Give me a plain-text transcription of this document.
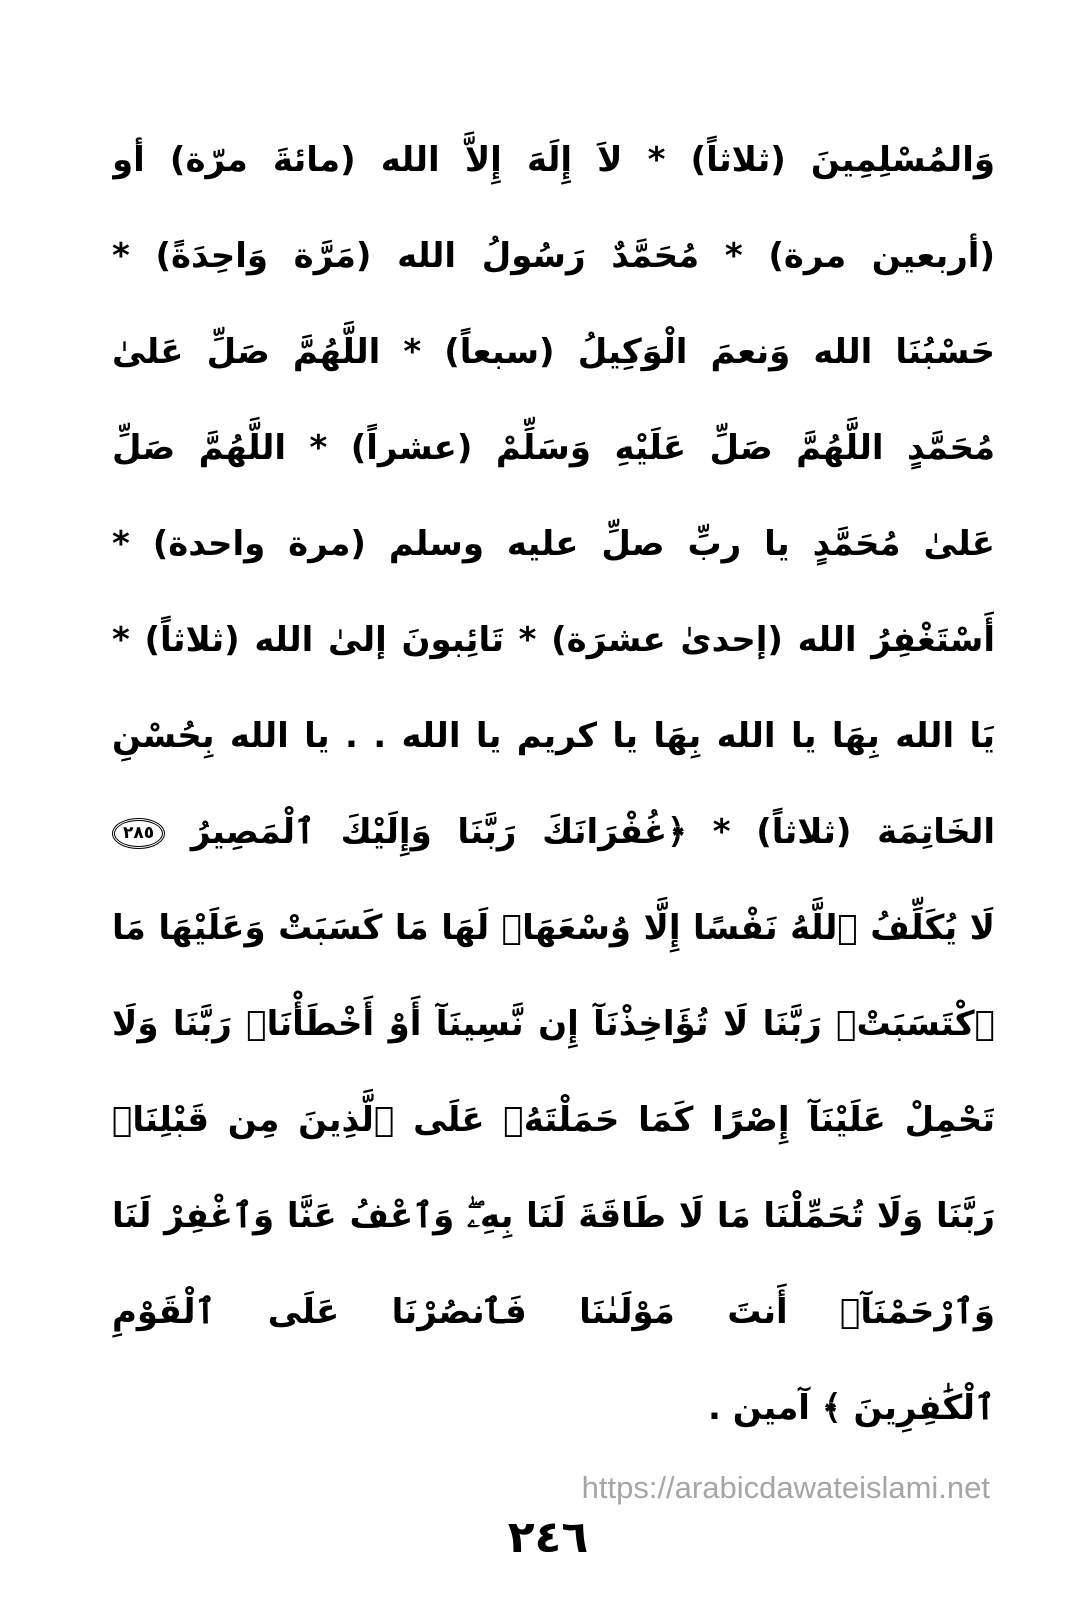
وَالمُسْلِمِينَ (ثلاثاً) * لاَ إِلَهَ إِلاَّ الله (مائةَ مرّة) أو
(أربعين مرة) * مُحَمَّدٌ رَسُولُ الله (مَرَّة وَاحِدَةً) *
حَسْبُنَا الله وَنعمَ الْوَكِيلُ (سبعاً) * اللَّهُمَّ صَلِّ عَلىٰ
مُحَمَّدٍ اللَّهُمَّ صَلِّ عَلَيْهِ وَسَلِّمْ (عشراً) * اللَّهُمَّ صَلِّ
عَلىٰ مُحَمَّدٍ يا ربِّ صلِّ عليه وسلم (مرة واحدة) *
أَسْتَغْفِرُ الله (إحدىٰ عشرَة) * تَائِبونَ إلىٰ الله (ثلاثاً) *
يَا الله بِهَا يا الله بِهَا يا كريم يا الله . . يا الله بِحُسْنِ
الخَاتِمَة (ثلاثاً) * ﴿غُفْرَانَكَ رَبَّنَا وَإِلَيْكَ ٱلْمَصِيرُ ٢٨٥
لَا يُكَلِّفُ ٱللَّهُ نَفْسًا إِلَّا وُسْعَهَاۚ لَهَا مَا كَسَبَتْ وَعَلَيْهَا مَا
ٱكْتَسَبَتْۗ رَبَّنَا لَا تُؤَاخِذْنَآ إِن نَّسِينَآ أَوْ أَخْطَأْنَاۚ رَبَّنَا وَلَا
تَحْمِلْ عَلَيْنَآ إِصْرًا كَمَا حَمَلْتَهُۥ عَلَى ٱلَّذِينَ مِن قَبْلِنَاۚ
رَبَّنَا وَلَا تُحَمِّلْنَا مَا لَا طَاقَةَ لَنَا بِهِۦۖ وَٱعْفُ عَنَّا وَٱغْفِرْ لَنَا
وَٱرْحَمْنَآۚ أَنتَ مَوْلَىٰنَا فَٱنصُرْنَا عَلَى ٱلْقَوْمِ
ٱلْكَٰفِرِينَ ﴾ آمين .
https://arabicdawateislami.net
٢٤٦
